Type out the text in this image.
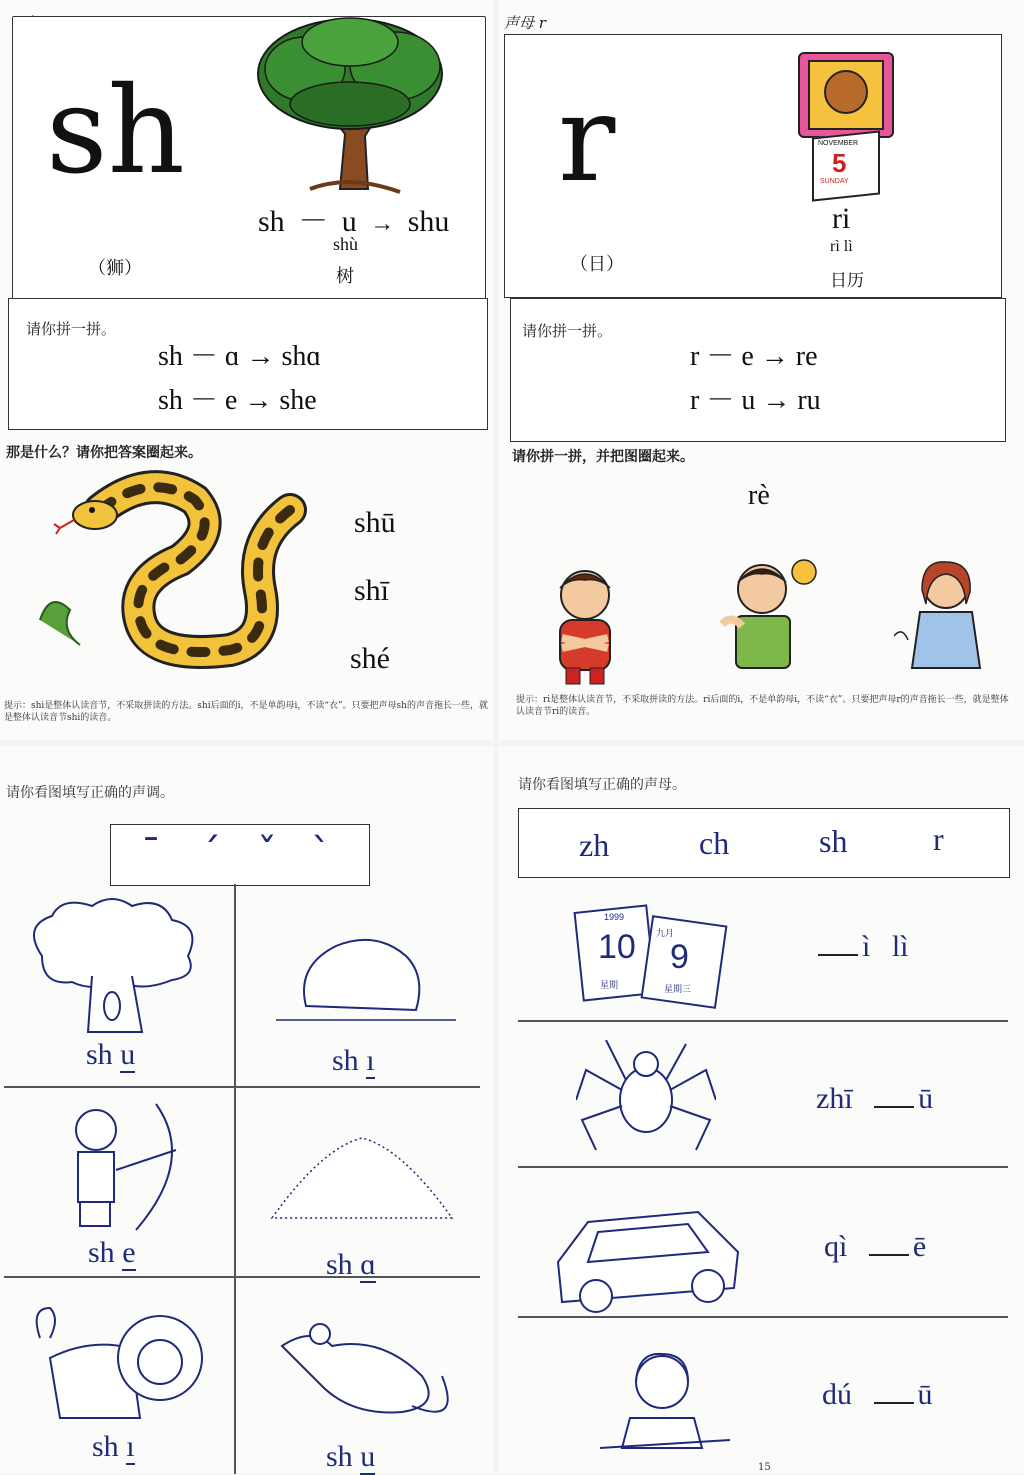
sh
（狮）
sh － u → shu
shù
树
请你拼一拼。
sh － ɑ → shɑ
sh － e → she
那是什么？请你把答案圈起来。
shū
shī
shé
提示：shi是整体认读音节，不采取拼读的方法。shi后面的i，不是单韵母i，不读“衣”。只要把声母sh的声音拖长一些，就是整体认读音节shi的读音。
声母 r
r
（日）
NOVEMBER
5
SUNDAY
ri
rì lì
日历
请你拼一拼。
r － e → re
r － u → ru
请你拼一拼，并把图圈起来。
rè
提示：ri是整体认读音节，不采取拼读的方法。ri后面的i，不是单韵母i，不读“衣”。只要把声母r的声音拖长一些，就是整体认读音节ri的读音。
请你看图填写正确的声调。
ˉ ˊ ˇ ˋ
sh u	sh ı
sh e	sh ɑ
sh ı	sh u
请你看图填写正确的声母。
zh	ch	sh	r
10
1999
星期
九月
9
星期三
ì lì
zhī ū
qì ē
dú ū
15
